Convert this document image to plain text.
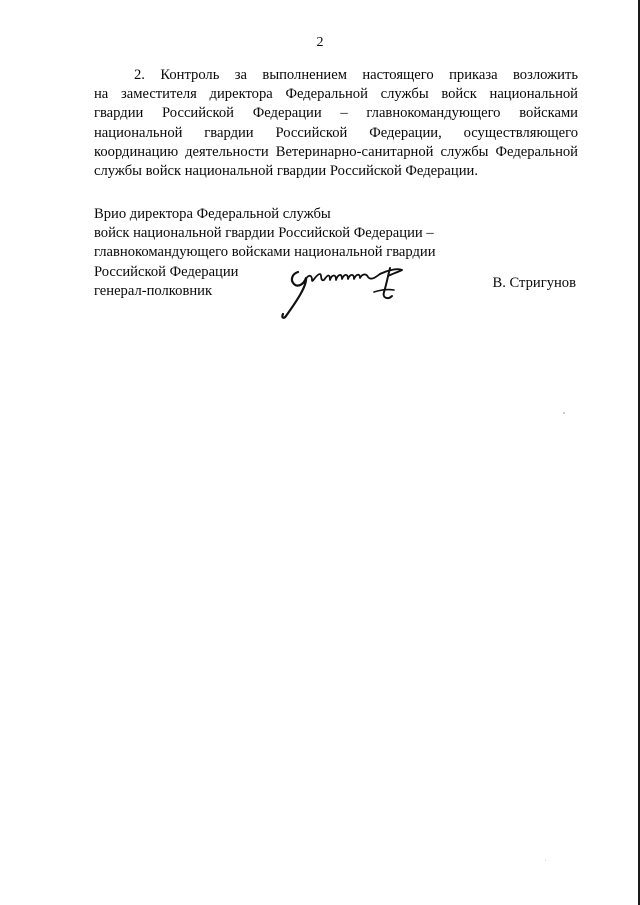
2
2. Контроль за выполнением настоящего приказа возложить
на заместителя директора Федеральной службы войск национальной
гвардии Российской Федерации – главнокомандующего войсками
национальной гвардии Российской Федерации, осуществляющего
координацию деятельности Ветеринарно-санитарной службы Федеральной
службы войск национальной гвардии Российской Федерации.
Врио директора Федеральной службы
войск национальной гвардии Российской Федерации –
главнокомандующего войсками национальной гвардии
Российской Федерации
генерал-полковник	В. Стригунов
